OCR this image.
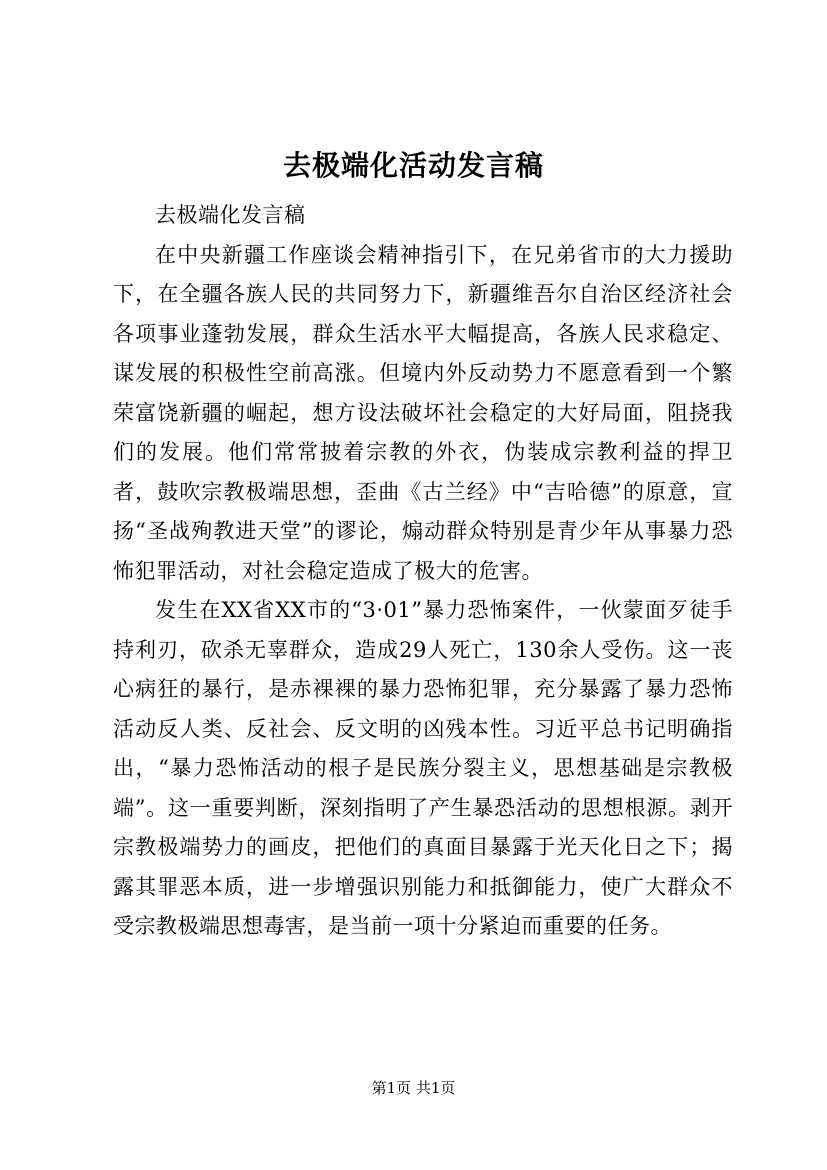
去极端化活动发言稿

去极端化发言稿

在中央新疆工作座谈会精神指引下，在兄弟省市的大力援助下，在全疆各族人民的共同努力下，新疆维吾尔自治区经济社会各项事业蓬勃发展，群众生活水平大幅提高，各族人民求稳定、谋发展的积极性空前高涨。但境内外反动势力不愿意看到一个繁荣富饶新疆的崛起，想方设法破坏社会稳定的大好局面，阻挠我们的发展。他们常常披着宗教的外衣，伪装成宗教利益的捍卫者，鼓吹宗教极端思想，歪曲《古兰经》中“吉哈德”的原意，宣扬“圣战殉教进天堂”的谬论，煽动群众特别是青少年从事暴力恐怖犯罪活动，对社会稳定造成了极大的危害。

发生在XX省XX市的“3·01”暴力恐怖案件，一伙蒙面歹徒手持利刃，砍杀无辜群众，造成29人死亡，130余人受伤。这一丧心病狂的暴行，是赤裸裸的暴力恐怖犯罪，充分暴露了暴力恐怖活动反人类、反社会、反文明的凶残本性。习近平总书记明确指出，“暴力恐怖活动的根子是民族分裂主义，思想基础是宗教极端”。这一重要判断，深刻指明了产生暴恐活动的思想根源。剥开宗教极端势力的画皮，把他们的真面目暴露于光天化日之下；揭露其罪恶本质，进一步增强识别能力和抵御能力，使广大群众不受宗教极端思想毒害，是当前一项十分紧迫而重要的任务。

第1页 共1页
